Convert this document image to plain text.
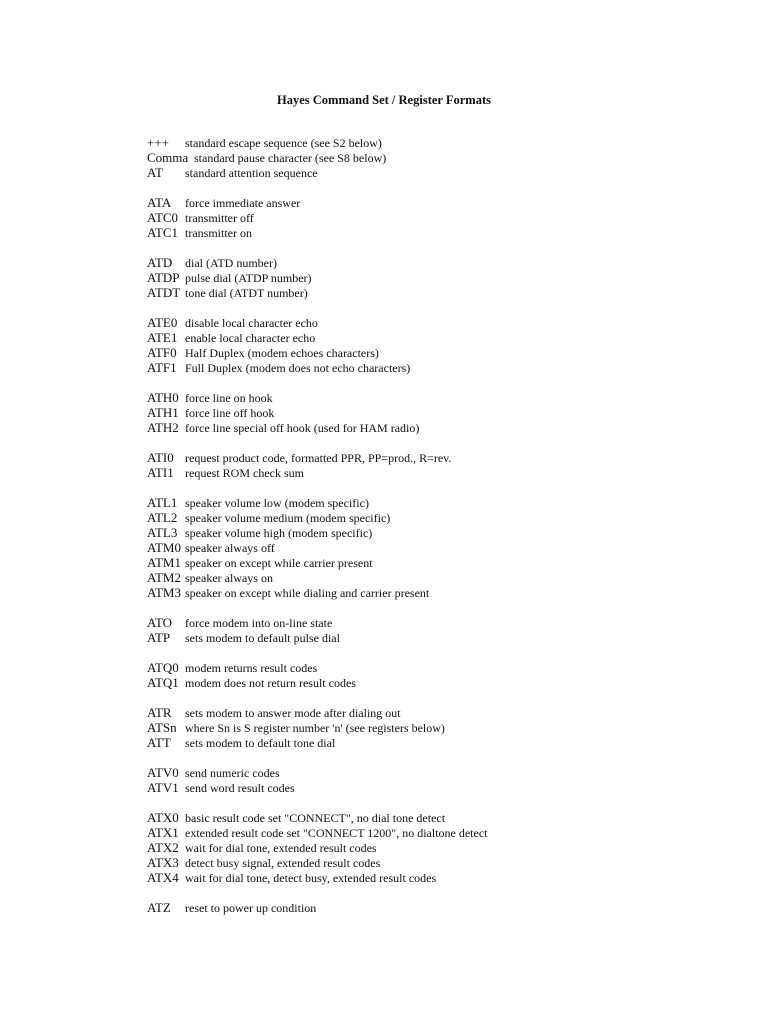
Hayes Command Set / Register Formats
+++ standard escape sequence (see S2 below)
Comma standard pause character (see S8 below)
AT standard attention sequence
ATA force immediate answer
ATC0 transmitter off
ATC1 transmitter on
ATD dial (ATD number)
ATDP pulse dial (ATDP number)
ATDT tone dial (ATDT number)
ATE0 disable local character echo
ATE1 enable local character echo
ATF0 Half Duplex (modem echoes characters)
ATF1 Full Duplex (modem does not echo characters)
ATH0 force line on hook
ATH1 force line off hook
ATH2 force line special off hook (used for HAM radio)
ATI0 request product code, formatted PPR, PP=prod., R=rev.
ATI1 request ROM check sum
ATL1 speaker volume low (modem specific)
ATL2 speaker volume medium (modem specific)
ATL3 speaker volume high (modem specific)
ATM0 speaker always off
ATM1 speaker on except while carrier present
ATM2 speaker always on
ATM3 speaker on except while dialing and carrier present
ATO force modem into on-line state
ATP sets modem to default pulse dial
ATQ0 modem returns result codes
ATQ1 modem does not return result codes
ATR sets modem to answer mode after dialing out
ATSn where Sn is S register number 'n' (see registers below)
ATT sets modem to default tone dial
ATV0 send numeric codes
ATV1 send word result codes
ATX0 basic result code set "CONNECT", no dial tone detect
ATX1 extended result code set "CONNECT 1200", no dialtone detect
ATX2 wait for dial tone, extended result codes
ATX3 detect busy signal, extended result codes
ATX4 wait for dial tone, detect busy, extended result codes
ATZ reset to power up condition
